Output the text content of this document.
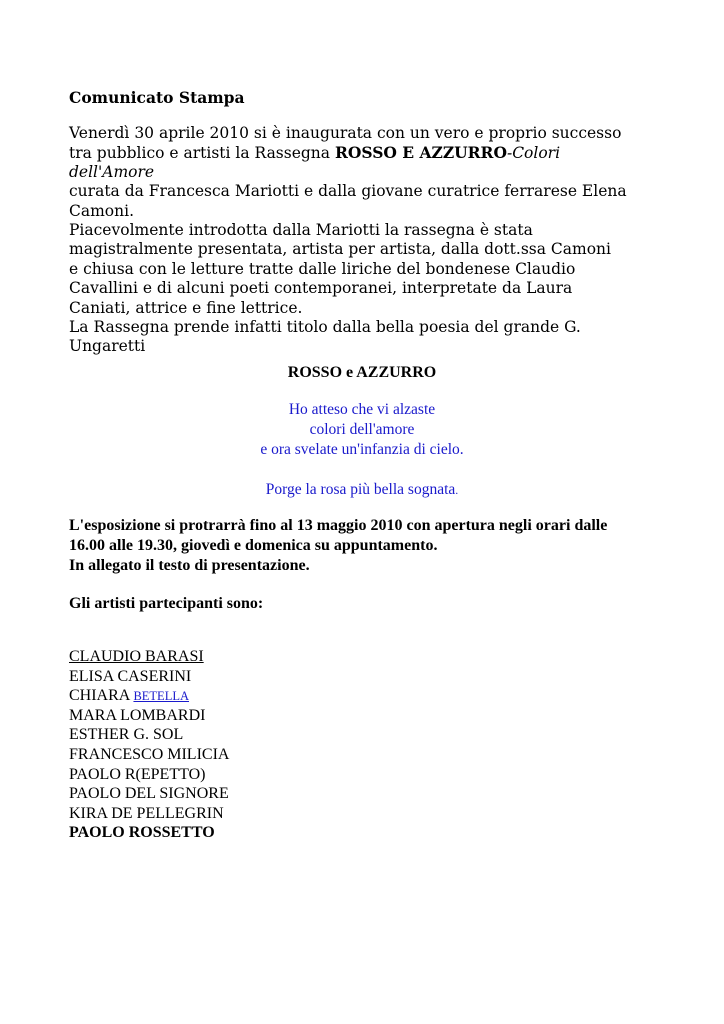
Comunicato Stampa
Venerdì 30 aprile 2010 si è inaugurata con un vero e proprio successo
tra pubblico e artisti la Rassegna ROSSO E AZZURRO-Colori
dell'Amore
curata da Francesca Mariotti e dalla giovane curatrice ferrarese Elena
Camoni.
Piacevolmente introdotta dalla Mariotti la rassegna è stata
magistralmente presentata, artista per artista, dalla dott.ssa Camoni
e chiusa con le letture tratte dalle liriche del bondenese Claudio
Cavallini e di alcuni poeti contemporanei, interpretate da Laura
Caniati, attrice e fine lettrice.
La Rassegna prende infatti titolo dalla bella poesia del grande G.
Ungaretti
ROSSO e AZZURRO
Ho atteso che vi alzaste
colori dell'amore
e ora svelate un'infanzia di cielo.
Porge la rosa più bella sognata.
L'esposizione si protrarrà fino al 13 maggio 2010 con apertura negli orari dalle
16.00 alle 19.30, giovedì e domenica su appuntamento.
In allegato il testo di presentazione.
Gli artisti partecipanti sono:
CLAUDIO BARASI
ELISA CASERINI
CHIARA BETELLA
MARA LOMBARDI
ESTHER G. SOL
FRANCESCO MILICIA
PAOLO R(EPETTO)
PAOLO DEL SIGNORE
KIRA DE PELLEGRIN
PAOLO ROSSETTO
